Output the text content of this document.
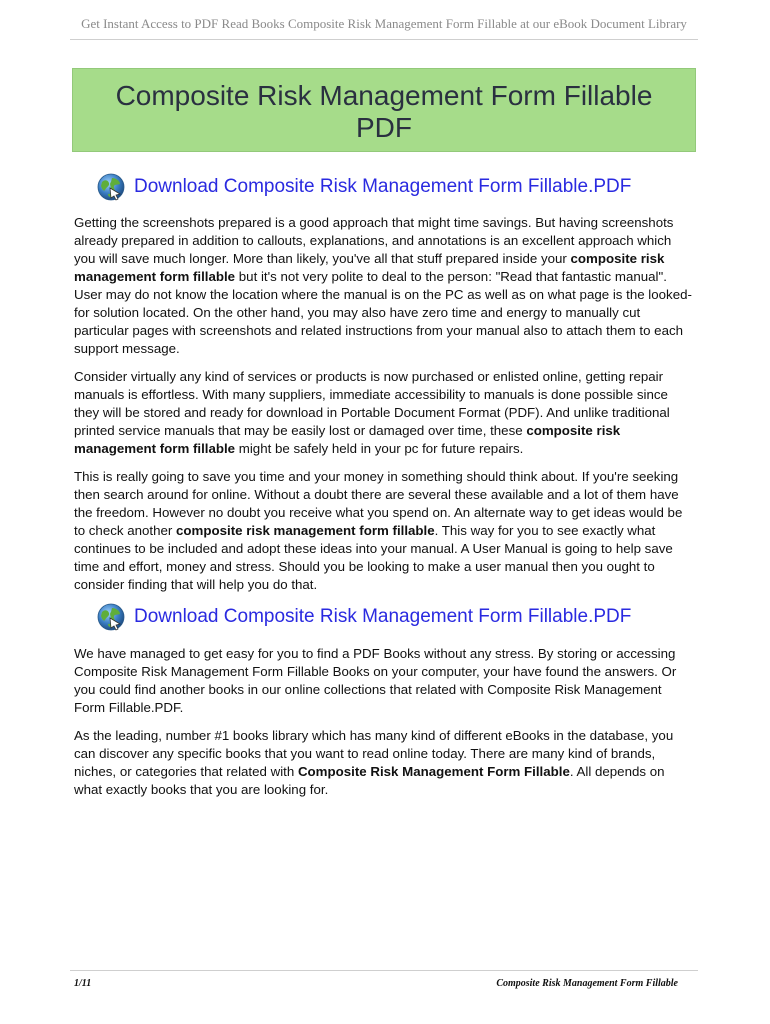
Get Instant Access to PDF Read Books Composite Risk Management Form Fillable at our eBook Document Library
Composite Risk Management Form Fillable
PDF
Download Composite Risk Management Form Fillable.PDF

Getting the screenshots prepared is a good approach that might time savings. But having screenshots already prepared in addition to callouts, explanations, and annotations is an excellent approach which you will save much longer. More than likely, you've all that stuff prepared inside your composite risk management form fillable but it's not very polite to deal to the person: "Read that fantastic manual". User may do not know the location where the manual is on the PC as well as on what page is the looked-for solution located. On the other hand, you may also have zero time and energy to manually cut particular pages with screenshots and related instructions from your manual also to attach them to each support message.

Consider virtually any kind of services or products is now purchased or enlisted online, getting repair manuals is effortless. With many suppliers, immediate accessibility to manuals is done possible since they will be stored and ready for download in Portable Document Format (PDF). And unlike traditional printed service manuals that may be easily lost or damaged over time, these composite risk management form fillable might be safely held in your pc for future repairs.

This is really going to save you time and your money in something should think about. If you're seeking then search around for online. Without a doubt there are several these available and a lot of them have the freedom. However no doubt you receive what you spend on. An alternate way to get ideas would be to check another composite risk management form fillable. This way for you to see exactly what continues to be included and adopt these ideas into your manual. A User Manual is going to help save time and effort, money and stress. Should you be looking to make a user manual then you ought to consider finding that will help you do that.

Download Composite Risk Management Form Fillable.PDF

We have managed to get easy for you to find a PDF Books without any stress. By storing or accessing Composite Risk Management Form Fillable Books on your computer, your have found the answers. Or you could find another books in our online collections that related with Composite Risk Management Form Fillable.PDF.

As the leading, number #1 books library which has many kind of different eBooks in the database, you can discover any specific books that you want to read online today. There are many kind of brands, niches, or categories that related with Composite Risk Management Form Fillable. All depends on what exactly books that you are looking for.

1/11	Composite Risk Management Form Fillable
